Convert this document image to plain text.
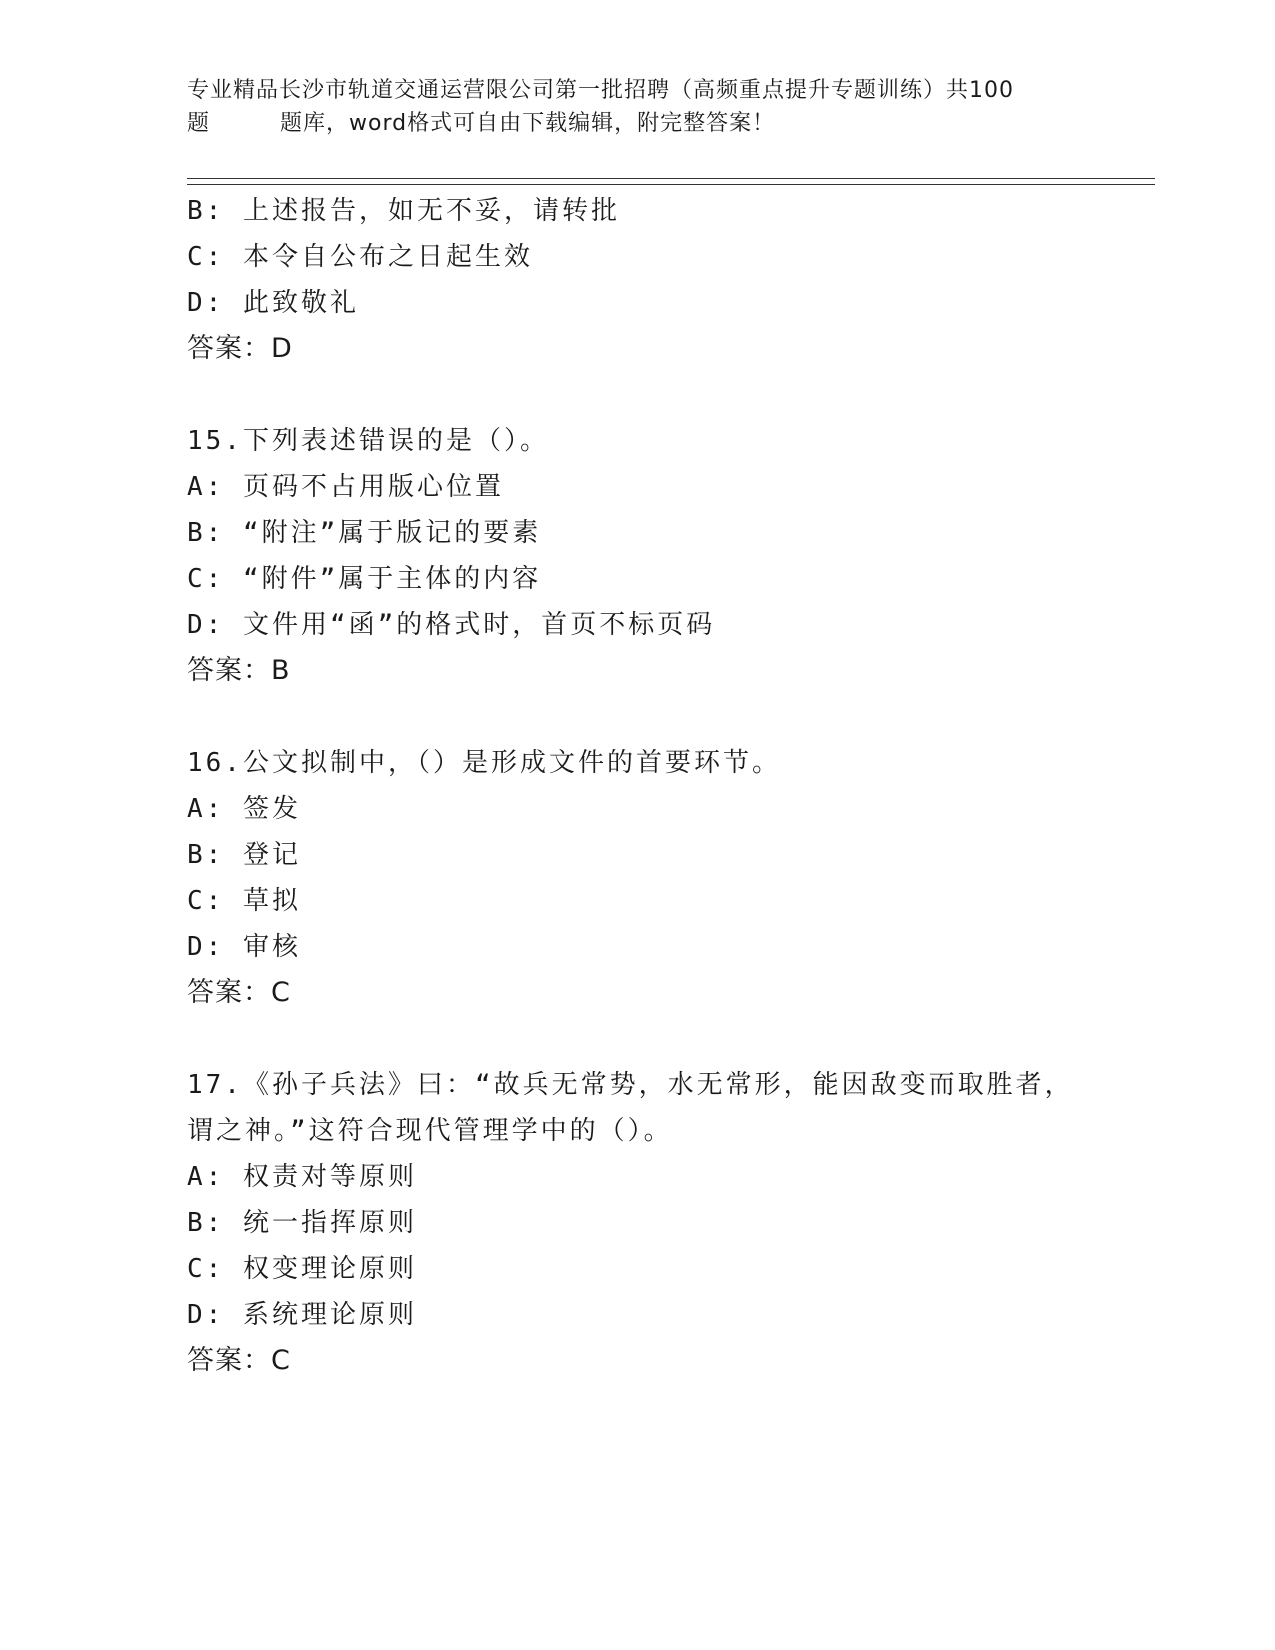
专业精品长沙市轨道交通运营限公司第一批招聘（高频重点提升专题训练）共100
题	题库，word格式可自由下载编辑，附完整答案！
B: 上述报告，如无不妥，请转批
C: 本令自公布之日起生效
D: 此致敬礼
答案：D
15.下列表述错误的是（）。
A: 页码不占用版心位置
B: “附注”属于版记的要素
C: “附件”属于主体的内容
D: 文件用“函”的格式时，首页不标页码
答案：B
16.公文拟制中，（）是形成文件的首要环节。
A: 签发
B: 登记
C: 草拟
D: 审核
答案：C
17.《孙子兵法》曰：“故兵无常势，水无常形，能因敌变而取胜者，
谓之神。”这符合现代管理学中的（）。
A: 权责对等原则
B: 统一指挥原则
C: 权变理论原则
D: 系统理论原则
答案：C
